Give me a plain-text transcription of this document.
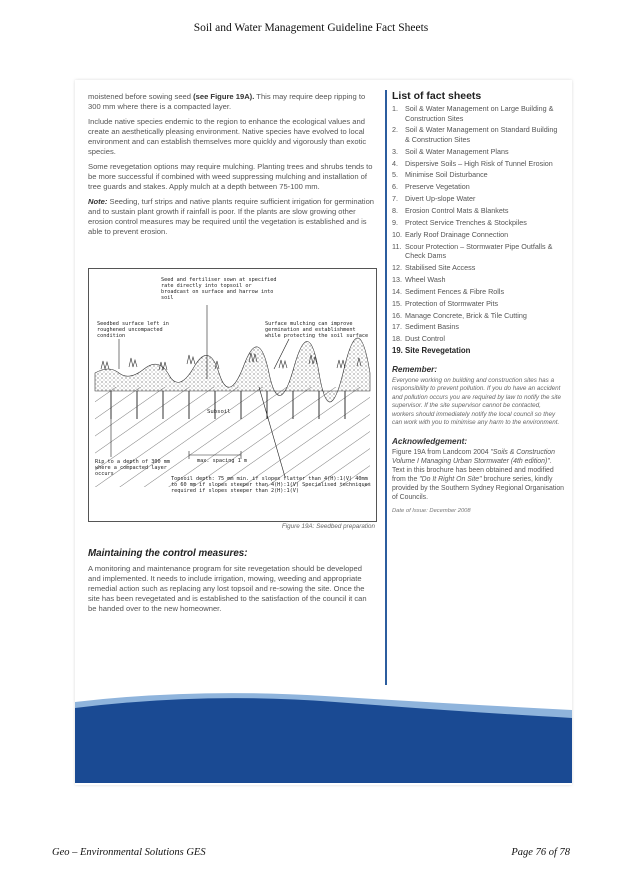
Soil and Water Management Guideline Fact Sheets

moistened before sowing seed (see Figure 19A). This may require deep ripping to 300 mm where there is a compacted layer.

Include native species endemic to the region to enhance the ecological values and create an aesthetically pleasing environment. Native species have evolved to local environment and can establish themselves more quickly and vigorously than exotic species.

Some revegetation options may require mulching. Planting trees and shrubs tends to be more successful if combined with weed suppressing mulching and installation of tree guards and stakes. Apply mulch at a depth between 75-100 mm.

Note: Seeding, turf strips and native plants require sufficient irrigation for germination and to sustain plant growth if rainfall is poor. If the plants are slow growing other erosion control measures may be required until the vegetation is established and is able to prevent erosion.

Seed and fertiliser sown at specified rate directly into topsoil or broadcast on surface and harrow into soil
Seedbed surface left in roughened uncompacted condition
Surface mulching can improve germination and establishment while protecting the soil surface
Subsoil
max. spacing 1 m
Rip to a depth of 300 mm where a compacted layer occurs
Topsoil depth: 75 mm min. if slopes flatter than 4(H):1(V) 40mm to 60 mm if slopes steeper than 4(H):1(V) Specialised techniques required if slopes steeper than 2(H):1(V)
Figure 19A: Seedbed preparation
Maintaining the control measures:
A monitoring and maintenance program for site revegetation should be developed and implemented. It needs to include irrigation, mowing, weeding and appropriate remedial action such as replacing any lost topsoil and re-sowing the site. Once the site has been revegetated and is established to the satisfaction of the council it can be handed over to the new homeowner.
List of fact sheets
1. Soil & Water Management on Large Building & Construction Sites
2. Soil & Water Management on Standard Building & Construction Sites
3. Soil & Water Management Plans
4. Dispersive Soils – High Risk of Tunnel Erosion
5. Minimise Soil Disturbance
6. Preserve Vegetation
7. Divert Up-slope Water
8. Erosion Control Mats & Blankets
9. Protect Service Trenches & Stockpiles
10. Early Roof Drainage Connection
11. Scour Protection – Stormwater Pipe Outfalls & Check Dams
12. Stabilised Site Access
13. Wheel Wash
14. Sediment Fences & Fibre Rolls
15. Protection of Stormwater Pits
16. Manage Concrete, Brick & Tile Cutting
17. Sediment Basins
18. Dust Control
19. Site Revegetation
Remember:
Everyone working on building and construction sites has a responsibility to prevent pollution. If you do have an accident and pollution occurs you are required by law to notify the site supervisor. If the site supervisor cannot be contacted, workers should immediately notify the local council so they can work with you to minimise any harm to the environment.
Acknowledgement:
Figure 19A from Landcom 2004 "Soils & Construction Volume I Managing Urban Stormwater (4th edition)". Text in this brochure has been obtained and modified from the "Do It Right On Site" brochure series, kindly provided by the Southern Sydney Regional Organisation of Councils.
Date of Issue: December 2008
Geo – Environmental Solutions GES	Page 76 of 78
